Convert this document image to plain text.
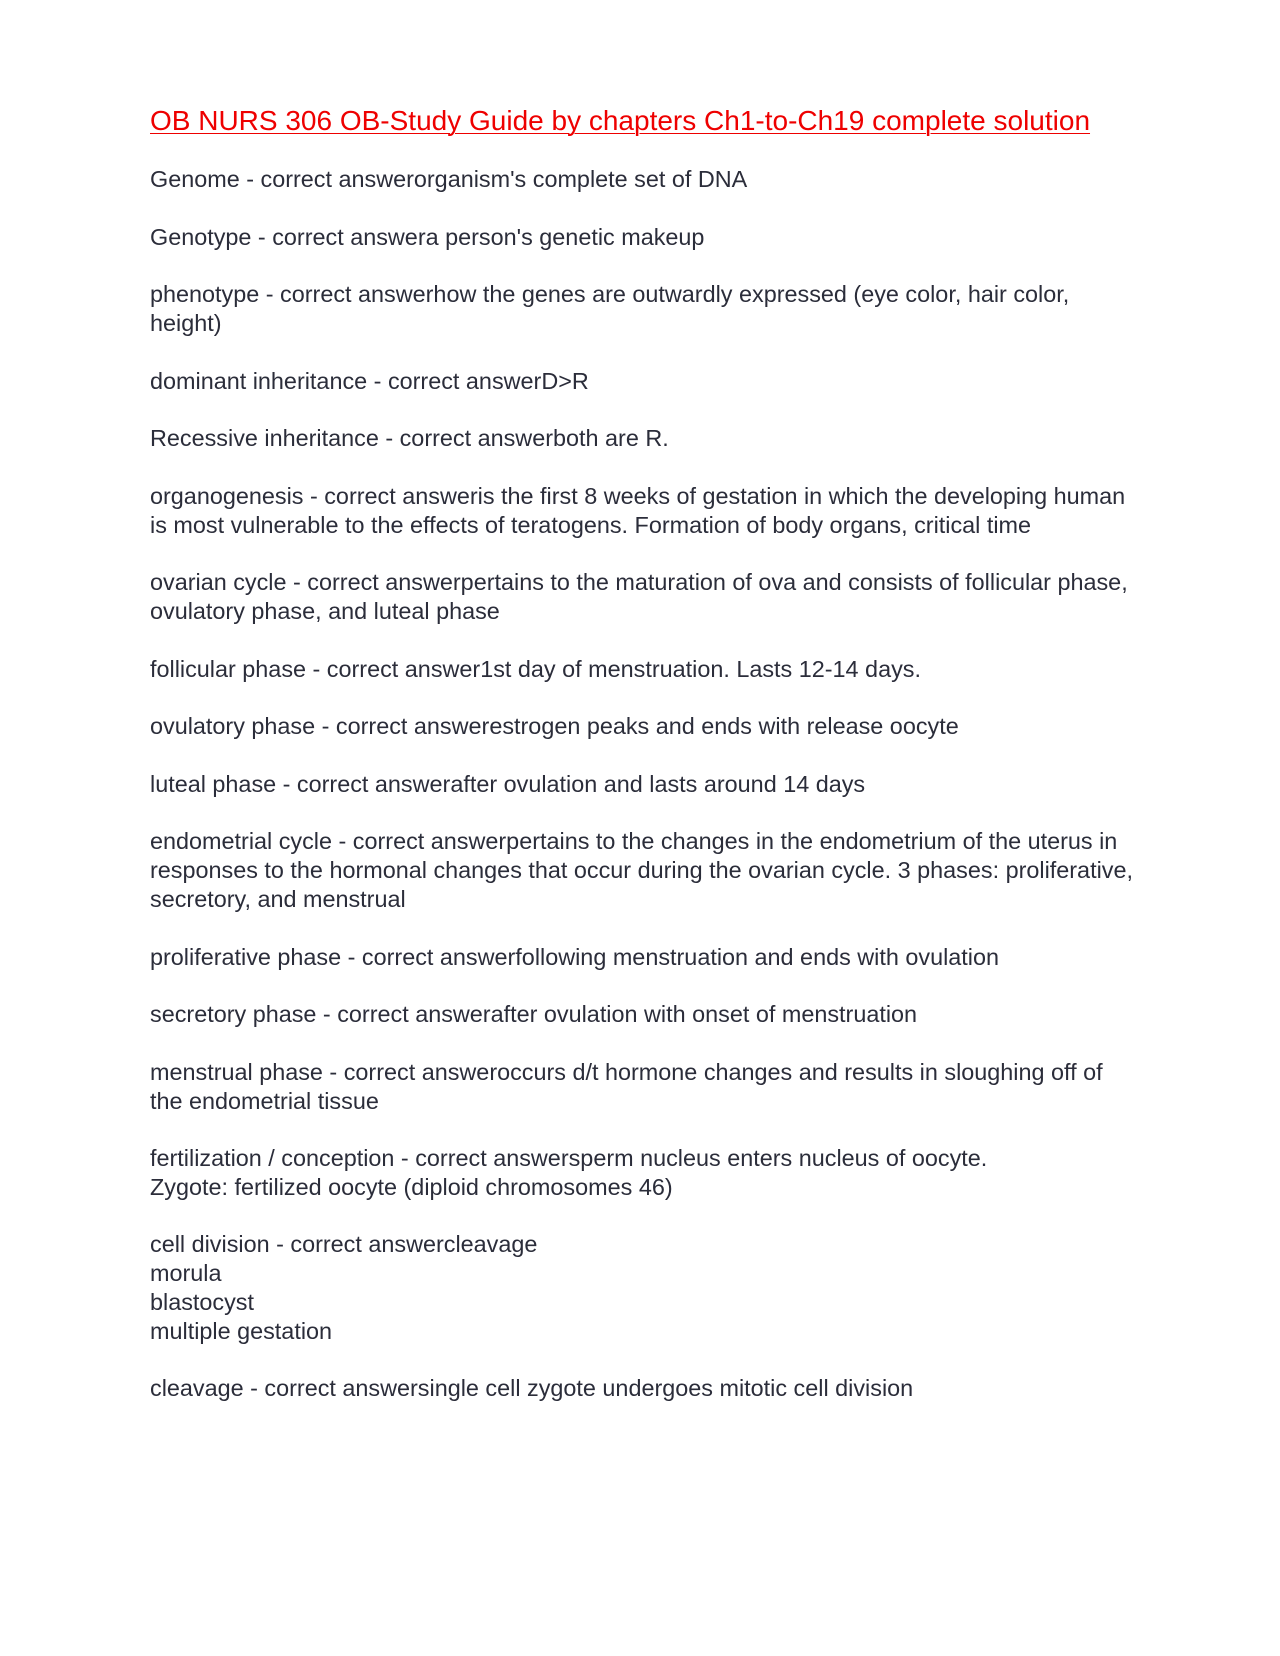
OB NURS 306 OB-Study Guide by chapters Ch1-to-Ch19 complete solution

Genome - correct answerorganism's complete set of DNA

Genotype - correct answera person's genetic makeup

phenotype - correct answerhow the genes are outwardly expressed (eye color, hair color, height)

dominant inheritance - correct answerD>R

Recessive inheritance - correct answerboth are R.

organogenesis - correct answeris the first 8 weeks of gestation in which the developing human is most vulnerable to the effects of teratogens. Formation of body organs, critical time

ovarian cycle - correct answerpertains to the maturation of ova and consists of follicular phase, ovulatory phase, and luteal phase

follicular phase - correct answer1st day of menstruation. Lasts 12-14 days.

ovulatory phase - correct answerestrogen peaks and ends with release oocyte

luteal phase - correct answerafter ovulation and lasts around 14 days

endometrial cycle - correct answerpertains to the changes in the endometrium of the uterus in responses to the hormonal changes that occur during the ovarian cycle. 3 phases: proliferative, secretory, and menstrual

proliferative phase - correct answerfollowing menstruation and ends with ovulation

secretory phase - correct answerafter ovulation with onset of menstruation

menstrual phase - correct answeroccurs d/t hormone changes and results in sloughing off of the endometrial tissue

fertilization / conception - correct answersperm nucleus enters nucleus of oocyte.
Zygote: fertilized oocyte (diploid chromosomes 46)

cell division - correct answercleavage
morula
blastocyst
multiple gestation

cleavage - correct answersingle cell zygote undergoes mitotic cell division
